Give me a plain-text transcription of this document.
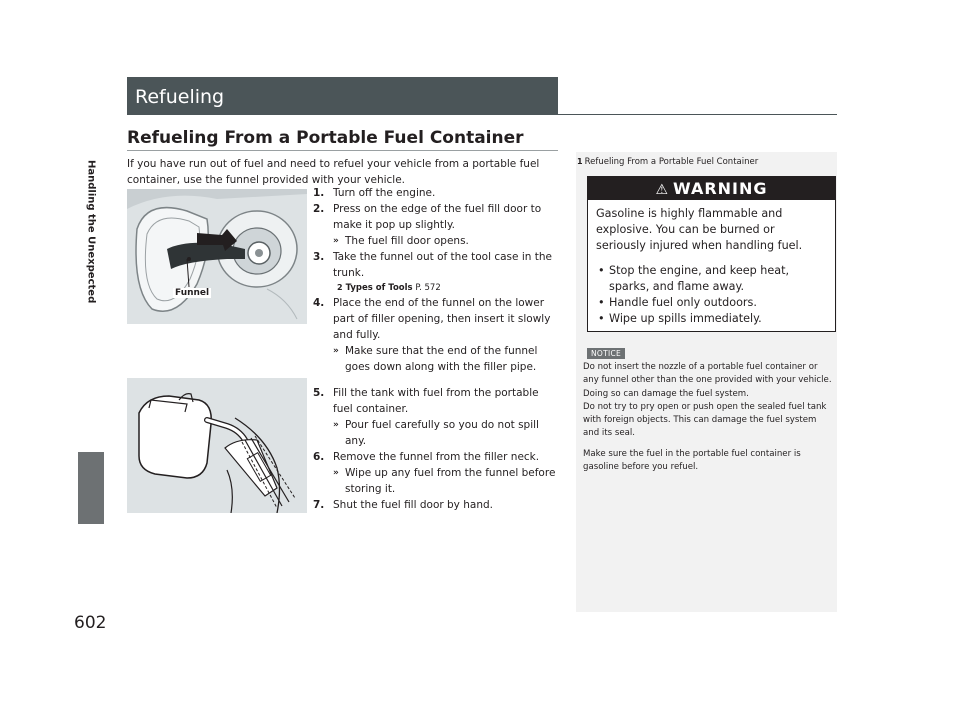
Handling the Unexpected
602
Refueling
Refueling From a Portable Fuel Container
If you have run out of fuel and need to refuel your vehicle from a portable fuel container, use the funnel provided with your vehicle.
Funnel
1. Turn off the engine.
2. Press on the edge of the fuel fill door to make it pop up slightly.
» The fuel fill door opens.
3. Take the funnel out of the tool case in the trunk.
2 Types of Tools P. 572
4. Place the end of the funnel on the lower part of filler opening, then insert it slowly and fully.
» Make sure that the end of the funnel goes down along with the filler pipe.
5. Fill the tank with fuel from the portable fuel container.
» Pour fuel carefully so you do not spill any.
6. Remove the funnel from the filler neck.
» Wipe up any fuel from the funnel before storing it.
7. Shut the fuel fill door by hand.
1 Refueling From a Portable Fuel Container
⚠ WARNING
Gasoline is highly flammable and explosive. You can be burned or seriously injured when handling fuel.
• Stop the engine, and keep heat, sparks, and flame away.
• Handle fuel only outdoors.
• Wipe up spills immediately.
NOTICE

Do not insert the nozzle of a portable fuel container or any funnel other than the one provided with your vehicle. Doing so can damage the fuel system.

Do not try to pry open or push open the sealed fuel tank with foreign objects. This can damage the fuel system and its seal.

Make sure the fuel in the portable fuel container is gasoline before you refuel.
